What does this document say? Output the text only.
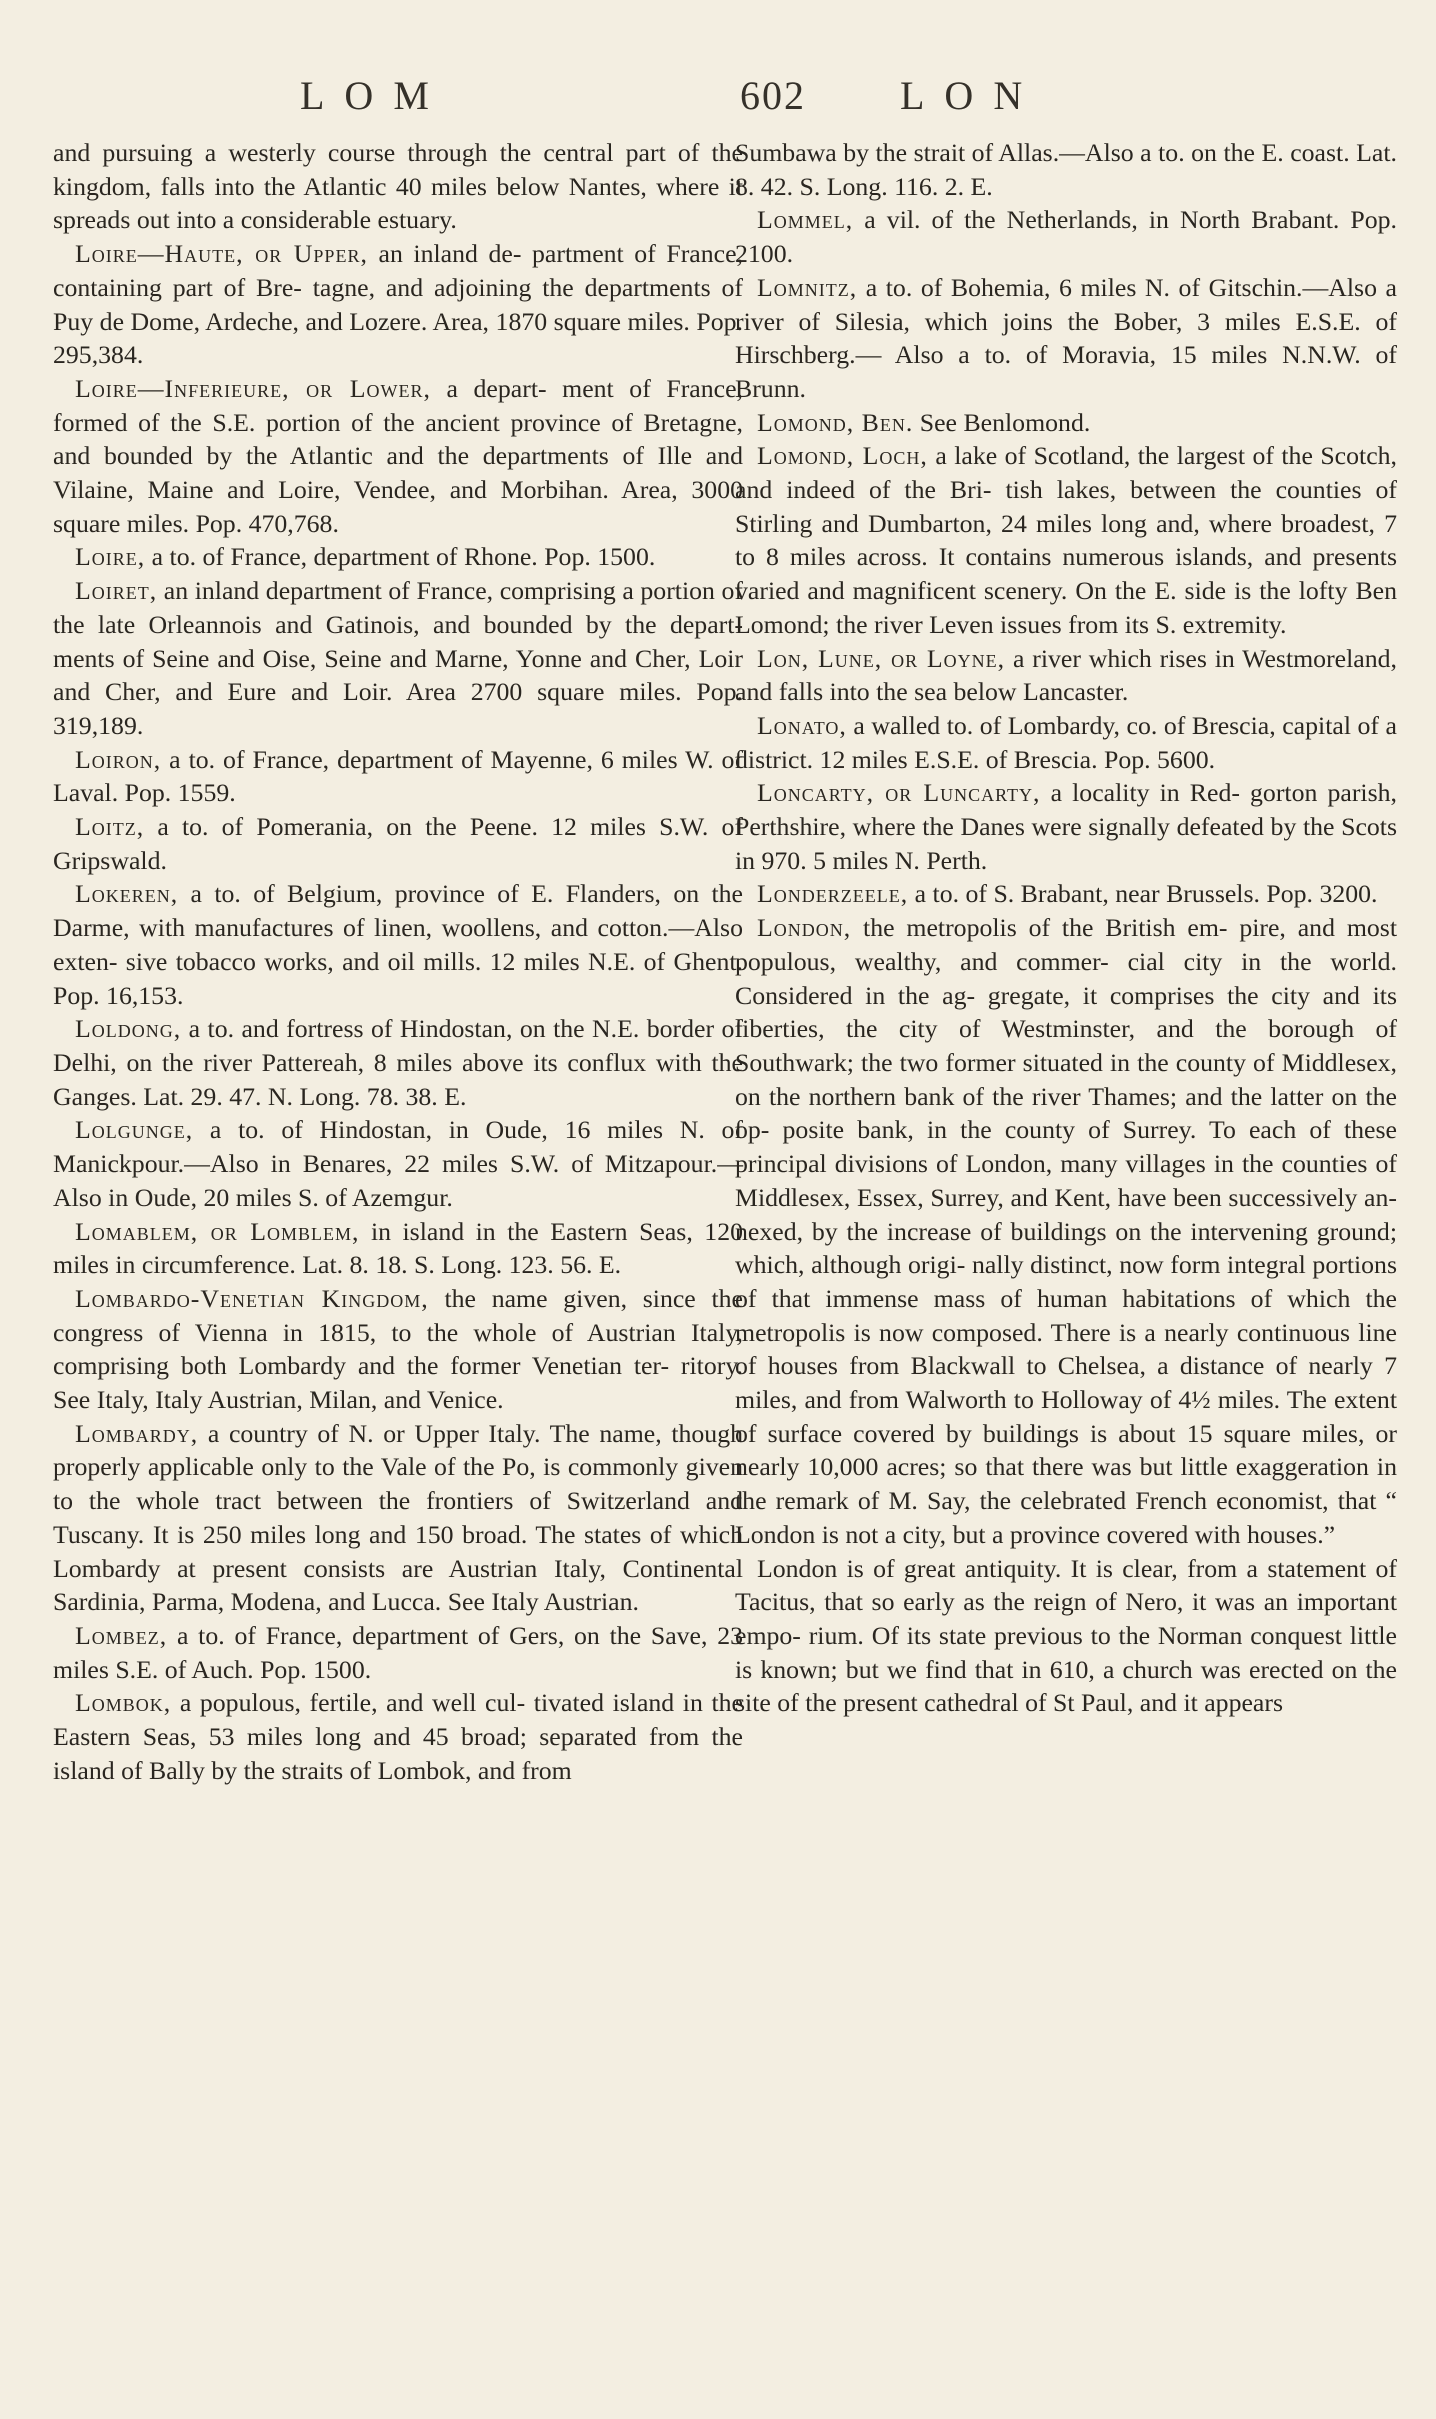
LOM	602 LON

and pursuing a westerly course through the central part of the kingdom, falls into the Atlantic 40 miles below Nantes, where it spreads out into a considerable estuary.

Loire—Haute, or Upper, an inland de- partment of France, containing part of Bre- tagne, and adjoining the departments of Puy de Dome, Ardeche, and Lozere. Area, 1870 square miles. Pop. 295,384.

Loire—Inferieure, or Lower, a depart- ment of France, formed of the S.E. portion of the ancient province of Bretagne, and bounded by the Atlantic and the departments of Ille and Vilaine, Maine and Loire, Vendee, and Morbihan. Area, 3000 square miles. Pop. 470,768.

Loire, a to. of France, department of Rhone. Pop. 1500.

Loiret, an inland department of France, comprising a portion of the late Orleannois and Gatinois, and bounded by the depart- ments of Seine and Oise, Seine and Marne, Yonne and Cher, Loir and Cher, and Eure and Loir. Area 2700 square miles. Pop. 319,189.

Loiron, a to. of France, department of Mayenne, 6 miles W. of Laval. Pop. 1559.

Loitz, a to. of Pomerania, on the Peene. 12 miles S.W. of Gripswald.

Lokeren, a to. of Belgium, province of E. Flanders, on the Darme, with manufactures of linen, woollens, and cotton.—Also exten- sive tobacco works, and oil mills. 12 miles N.E. of Ghent. Pop. 16,153.

Loldong, a to. and fortress of Hindostan, on the N.E. border of Delhi, on the river Pattereah, 8 miles above its conflux with the Ganges. Lat. 29. 47. N. Long. 78. 38. E.

Lolgunge, a to. of Hindostan, in Oude, 16 miles N. of Manickpour.—Also in Benares, 22 miles S.W. of Mitzapour.—Also in Oude, 20 miles S. of Azemgur.

Lomablem, or Lomblem, in island in the Eastern Seas, 120 miles in circumference. Lat. 8. 18. S. Long. 123. 56. E.

Lombardo-Venetian Kingdom, the name given, since the congress of Vienna in 1815, to the whole of Austrian Italy, comprising both Lombardy and the former Venetian ter- ritory. See Italy, Italy Austrian, Milan, and Venice.

Lombardy, a country of N. or Upper Italy. The name, though properly applicable only to the Vale of the Po, is commonly given to the whole tract between the frontiers of Switzerland and Tuscany. It is 250 miles long and 150 broad. The states of which Lombardy at present consists are Austrian Italy, Continental Sardinia, Parma, Modena, and Lucca. See Italy Austrian.

Lombez, a to. of France, department of Gers, on the Save, 23 miles S.E. of Auch. Pop. 1500.

Lombok, a populous, fertile, and well cul- tivated island in the Eastern Seas, 53 miles long and 45 broad; separated from the island of Bally by the straits of Lombok, and from

Sumbawa by the strait of Allas.—Also a to. on the E. coast. Lat. 8. 42. S. Long. 116. 2. E.

Lommel, a vil. of the Netherlands, in North Brabant. Pop. 2100.

Lomnitz, a to. of Bohemia, 6 miles N. of Gitschin.—Also a river of Silesia, which joins the Bober, 3 miles E.S.E. of Hirschberg.— Also a to. of Moravia, 15 miles N.N.W. of Brunn.

Lomond, Ben. See Benlomond.

Lomond, Loch, a lake of Scotland, the largest of the Scotch, and indeed of the Bri- tish lakes, between the counties of Stirling and Dumbarton, 24 miles long and, where broadest, 7 to 8 miles across. It contains numerous islands, and presents varied and magnificent scenery. On the E. side is the lofty Ben Lomond; the river Leven issues from its S. extremity.

Lon, Lune, or Loyne, a river which rises in Westmoreland, and falls into the sea below Lancaster.

Lonato, a walled to. of Lombardy, co. of Brescia, capital of a district. 12 miles E.S.E. of Brescia. Pop. 5600.

Loncarty, or Luncarty, a locality in Red- gorton parish, Perthshire, where the Danes were signally defeated by the Scots in 970. 5 miles N. Perth.

Londerzeele, a to. of S. Brabant, near Brussels. Pop. 3200.

London, the metropolis of the British em- pire, and most populous, wealthy, and commer- cial city in the world. Considered in the ag- gregate, it comprises the city and its liberties, the city of Westminster, and the borough of Southwark; the two former situated in the county of Middlesex, on the northern bank of the river Thames; and the latter on the op- posite bank, in the county of Surrey. To each of these principal divisions of London, many villages in the counties of Middlesex, Essex, Surrey, and Kent, have been successively an- nexed, by the increase of buildings on the intervening ground; which, although origi- nally distinct, now form integral portions of that immense mass of human habitations of which the metropolis is now composed. There is a nearly continuous line of houses from Blackwall to Chelsea, a distance of nearly 7 miles, and from Walworth to Holloway of 4½ miles. The extent of surface covered by buildings is about 15 square miles, or nearly 10,000 acres; so that there was but little exaggeration in the remark of M. Say, the celebrated French economist, that “ London is not a city, but a province covered with houses.”

London is of great antiquity. It is clear, from a statement of Tacitus, that so early as the reign of Nero, it was an important empo- rium. Of its state previous to the Norman conquest little is known; but we find that in 610, a church was erected on the site of the present cathedral of St Paul, and it appears
